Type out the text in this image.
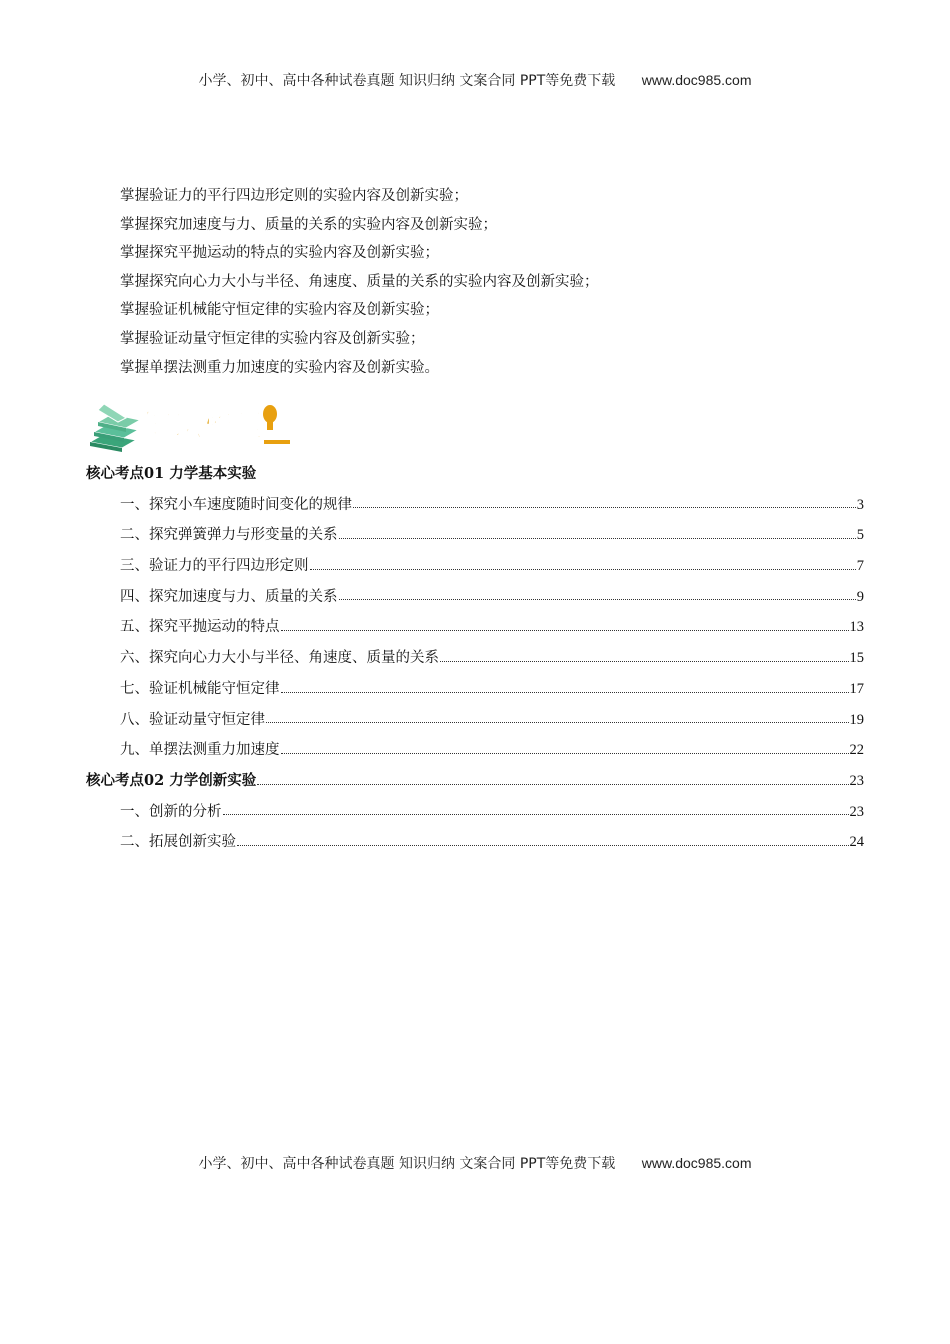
小学、初中、高中各种试卷真题 知识归纳 文案合同 PPT等免费下载 www.doc985.com
掌握验证力的平行四边形定则的实验内容及创新实验；
掌握探究加速度与力、质量的关系的实验内容及创新实验；
掌握探究平抛运动的特点的实验内容及创新实验；
掌握探究向心力大小与半径、角速度、质量的关系的实验内容及创新实验；
掌握验证机械能守恒定律的实验内容及创新实验；
掌握验证动量守恒定律的实验内容及创新实验；
掌握单摆法测重力加速度的实验内容及创新实验。
知识梳理
核心考点01 力学基本实验
一、探究小车速度随时间变化的规律	3
二、探究弹簧弹力与形变量的关系	5
三、验证力的平行四边形定则	7
四、探究加速度与力、质量的关系	9
五、探究平抛运动的特点	13
六、探究向心力大小与半径、角速度、质量的关系	15
七、验证机械能守恒定律	17
八、验证动量守恒定律	19
九、单摆法测重力加速度	22
核心考点02 力学创新实验	23
一、创新的分析	23
二、拓展创新实验	24
小学、初中、高中各种试卷真题 知识归纳 文案合同 PPT等免费下载 www.doc985.com
